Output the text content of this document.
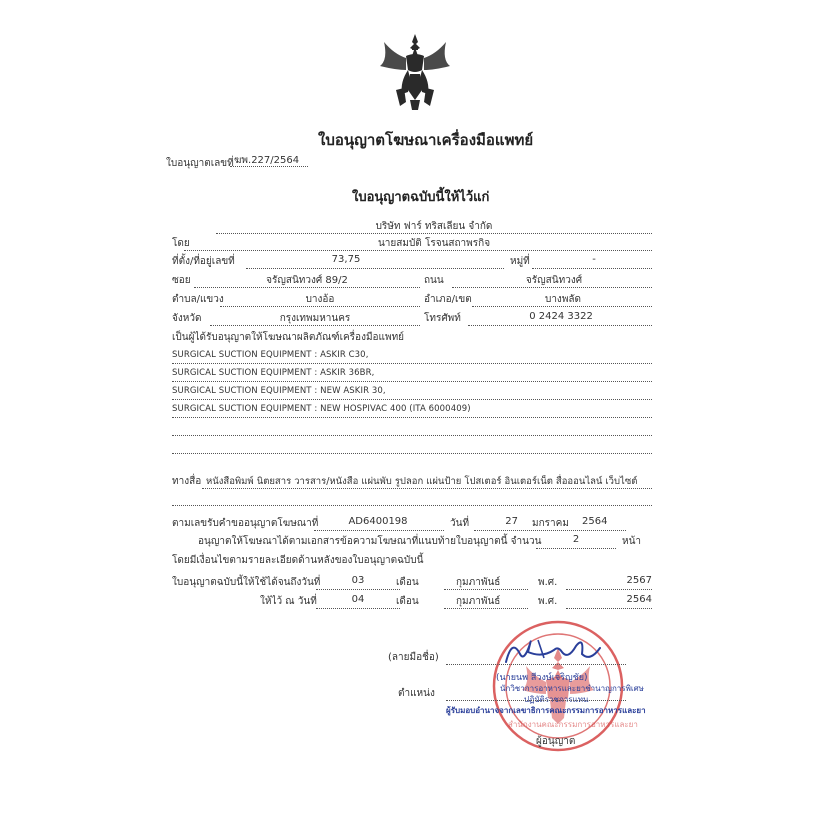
ใบอนุญาตโฆษณาเครื่องมือแพทย์
ใบอนุญาตเลขที่ ฆพ.227/2564
ใบอนุญาตฉบับนี้ให้ไว้แก่
บริษัท ฟาร์ ทริสเลียน จำกัด
โดย	นายสมบัติ โรจนสถาพรกิจ
ที่ตั้ง/ที่อยู่เลขที่	73,75	หมู่ที่	-
ซอย	จรัญสนิทวงศ์ 89/2	ถนน	จรัญสนิทวงศ์
ตำบล/แขวง	บางอ้อ	อำเภอ/เขต	บางพลัด
จังหวัด	กรุงเทพมหานคร	โทรศัพท์	0 2424 3322
เป็นผู้ได้รับอนุญาตให้โฆษณาผลิตภัณฑ์เครื่องมือแพทย์
SURGICAL SUCTION EQUIPMENT : ASKIR C30,
SURGICAL SUCTION EQUIPMENT : ASKIR 36BR,
SURGICAL SUCTION EQUIPMENT : NEW ASKIR 30,
SURGICAL SUCTION EQUIPMENT : NEW HOSPIVAC 400 (ITA 6000409)
ทางสื่อ หนังสือพิมพ์ นิตยสาร วารสาร/หนังสือ แผ่นพับ รูปลอก แผ่นป้าย โปสเตอร์ อินเตอร์เน็ต สื่อออนไลน์ เว็บไซต์
ตามเลขรับคำขออนุญาตโฆษณาที่	AD6400198	วันที่	27 มกราคม	2564
อนุญาตให้โฆษณาได้ตามเอกสารข้อความโฆษณาที่แนบท้ายใบอนุญาตนี้ จำนวน	2	หน้า
โดยมีเงื่อนไขตามรายละเอียดด้านหลังของใบอนุญาตฉบับนี้
ใบอนุญาตฉบับนี้ให้ใช้ได้จนถึงวันที่	03	เดือน	กุมภาพันธ์	พ.ศ.	2567
ให้ไว้ ณ วันที่	04	เดือน	กุมภาพันธ์	พ.ศ.	2564
(ลายมือชื่อ)
(นายนพ สีวงษ์เจริญชัย)
นักวิชาการอาหารและยาชำนาญการพิเศษ
ตำแหน่ง
ปฏิบัติราชการแทน
ผู้รับมอบอำนาจจากเลขาธิการคณะกรรมการอาหารและยา
สำนักงานคณะกรรมการอาหารและยา
ผู้อนุญาต
